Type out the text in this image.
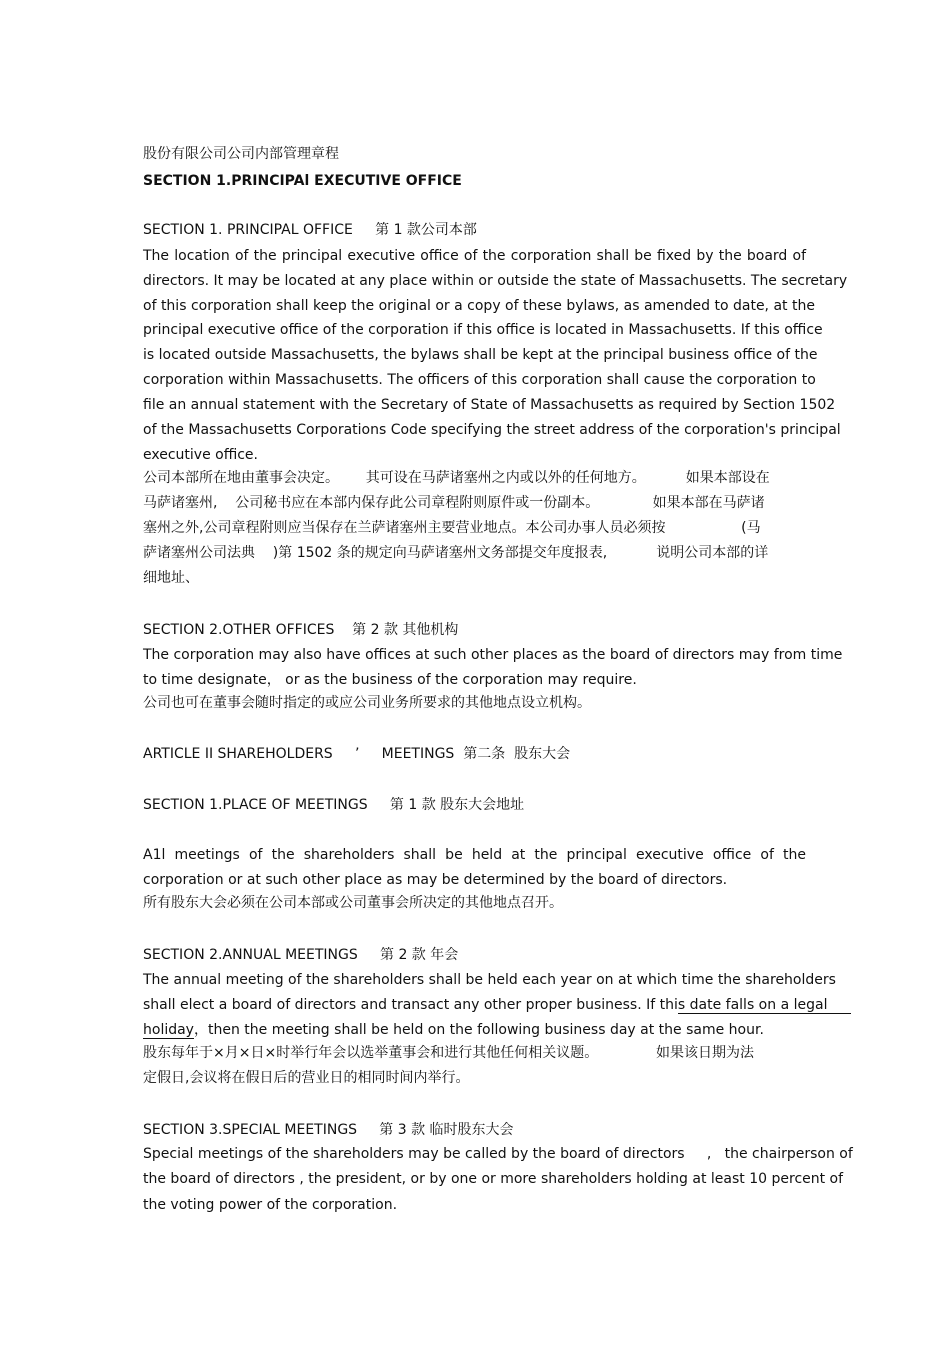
股份有限公司公司内部管理章程
SECTION 1.PRINCIPAl EXECUTIVE OFFICE
SECTION 1. PRINCIPAL OFFICE     第 1 款公司本部
The location of the principal executive office of the corporation shall be fixed by the board of
directors. It may be located at any place within or outside the state of Massachusetts. The secretary
of this corporation shall keep the original or a copy of these bylaws, as amended to date, at the
principal executive office of the corporation if this office is located in Massachusetts. If this office
is located outside Massachusetts, the bylaws shall be kept at the principal business office of the
corporation within Massachusetts. The officers of this corporation shall cause the corporation to
file an annual statement with the Secretary of State of Massachusetts as required by Section 1502
of the Massachusetts Corporations Code specifying the street address of the corporation's principal
executive office.
公司本部所在地由董事会决定。      其可设在马萨诸塞州之内或以外的任何地方。         如果本部设在
马萨诸塞州,    公司秘书应在本部内保存此公司章程附则原件或一份副本。            如果本部在马萨诸
塞州之外,公司章程附则应当保存在兰萨诸塞州主要营业地点。本公司办事人员必须按                 (马
萨诸塞州公司法典    )第 1502 条的规定向马萨诸塞州文务部提交年度报表,           说明公司本部的详
细地址、
SECTION 2.OTHER OFFICES    第 2 款 其他机构
The corporation may also have offices at such other places as the board of directors may from time
to time designate， or as the business of the corporation may require.
公司也可在董事会随时指定的或应公司业务所要求的其他地点设立机构。
ARTICLE II SHAREHOLDERS     ’     MEETINGS  第二条  股东大会
SECTION 1.PLACE OF MEETINGS     第 1 款 股东大会地址
A1l meetings of the shareholders shall be held at the principal executive office of the
corporation or at such other place as may be determined by the board of directors.
所有股东大会必须在公司本部或公司董事会所决定的其他地点召开。
SECTION 2.ANNUAL MEETINGS     第 2 款 年会
The annual meeting of the shareholders shall be held each year on at which time the shareholders
shall elect a board of directors and transact any other proper business. If this date falls on a legal
holiday，then the meeting shall be held on the following business day at the same hour.
股东每年于×月×日×时举行年会以选举董事会和进行其他任何相关议题。             如果该日期为法
定假日,会议将在假日后的营业日的相同时间内举行。
SECTION 3.SPECIAL MEETINGS     第 3 款 临时股东大会
Special meetings of the shareholders may be called by the board of directors     ,   the chairperson of
the board of directors , the president, or by one or more shareholders holding at least 10 percent of
the voting power of the corporation.
